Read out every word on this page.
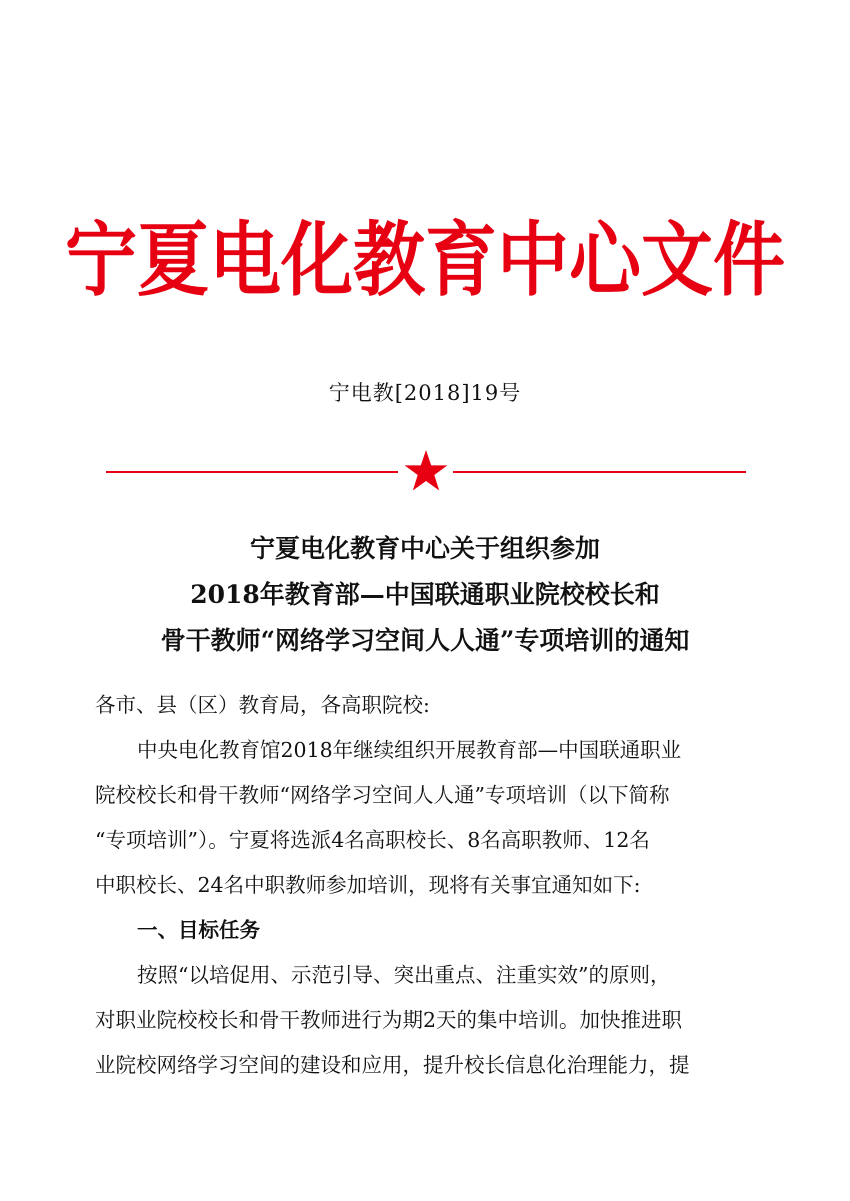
宁夏电化教育中心文件
宁电教[2018]19号
宁夏电化教育中心关于组织参加
2018年教育部—中国联通职业院校校长和
骨干教师“网络学习空间人人通”专项培训的通知
各市、县（区）教育局，各高职院校:
中央电化教育馆2018年继续组织开展教育部—中国联通职业
院校校长和骨干教师“网络学习空间人人通”专项培训（以下简称
“专项培训”）。宁夏将选派4名高职校长、8名高职教师、12名
中职校长、24名中职教师参加培训，现将有关事宜通知如下:
一、目标任务
按照“以培促用、示范引导、突出重点、注重实效”的原则，
对职业院校校长和骨干教师进行为期2天的集中培训。加快推进职
业院校网络学习空间的建设和应用，提升校长信息化治理能力，提
